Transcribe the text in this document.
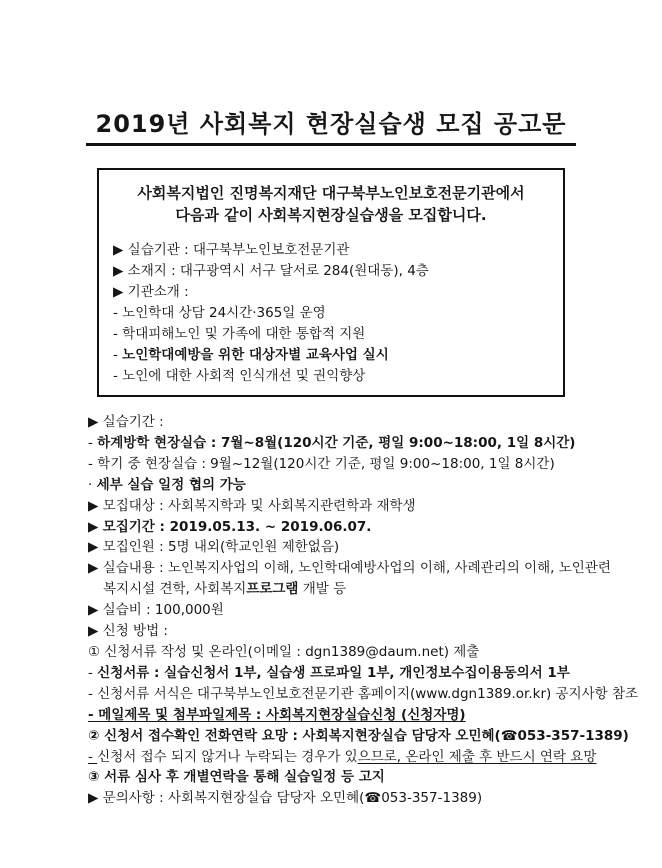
2019년 사회복지 현장실습생 모집 공고문
사회복지법인 진명복지재단 대구북부노인보호전문기관에서
다음과 같이 사회복지현장실습생을 모집합니다.
▶ 실습기관 : 대구북부노인보호전문기관
▶ 소재지 : 대구광역시 서구 달서로 284(원대동), 4층
▶ 기관소개 :
- 노인학대 상담 24시간·365일 운영
- 학대피해노인 및 가족에 대한 통합적 지원
- 노인학대예방을 위한 대상자별 교육사업 실시
- 노인에 대한 사회적 인식개선 및 권익향상
▶ 실습기간 :
- 하계방학 현장실습 : 7월~8월(120시간 기준, 평일 9:00~18:00, 1일 8시간)
- 학기 중 현장실습 : 9월~12월(120시간 기준, 평일 9:00~18:00, 1일 8시간)
· 세부 실습 일정 협의 가능
▶ 모집대상 : 사회복지학과 및 사회복지관련학과 재학생
▶ 모집기간 : 2019.05.13. ~ 2019.06.07.
▶ 모집인원 : 5명 내외(학교인원 제한없음)
▶ 실습내용 : 노인복지사업의 이해, 노인학대예방사업의 이해, 사례관리의 이해, 노인관련
복지시설 견학, 사회복지프로그램 개발 등
▶ 실습비 : 100,000원
▶ 신청 방법 :
① 신청서류 작성 및 온라인(이메일 : dgn1389@daum.net) 제출
- 신청서류 : 실습신청서 1부, 실습생 프로파일 1부, 개인정보수집이용동의서 1부
- 신청서류 서식은 대구북부노인보호전문기관 홈페이지(www.dgn1389.or.kr) 공지사항 참조
- 메일제목 및 첨부파일제목 : 사회복지현장실습신청 (신청자명)
② 신청서 접수확인 전화연락 요망 : 사회복지현장실습 담당자 오민혜(☎053-357-1389)
- 신청서 접수 되지 않거나 누락되는 경우가 있으므로, 온라인 제출 후 반드시 연락 요망
③ 서류 심사 후 개별연락을 통해 실습일정 등 고지
▶ 문의사항 : 사회복지현장실습 담당자 오민혜(☎053-357-1389)
